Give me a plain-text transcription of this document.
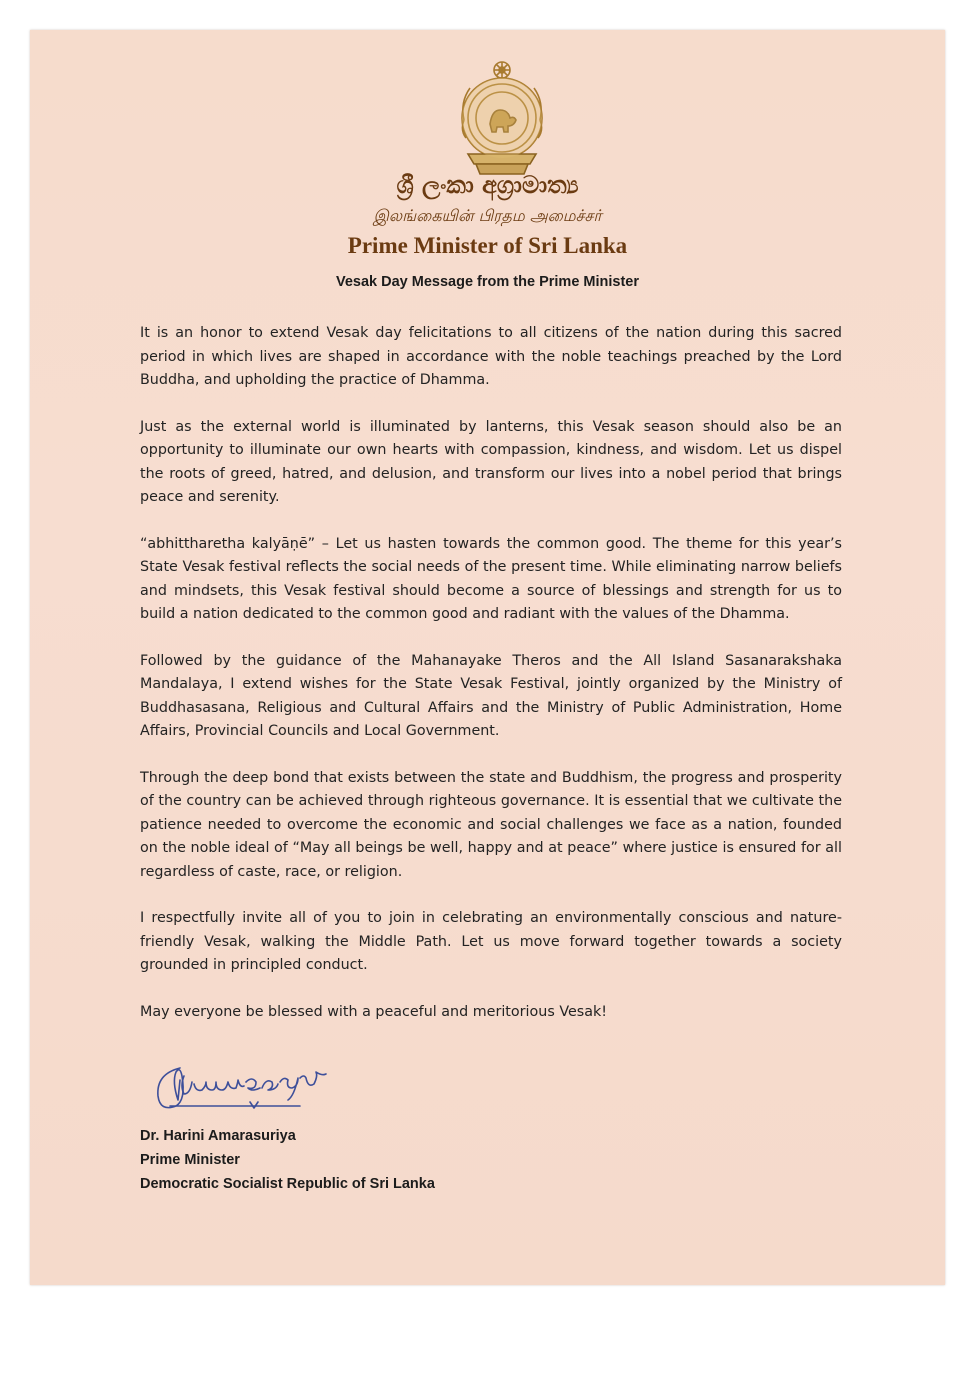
ශ්‍රී ලංකා අග්‍රාමාත්‍ය
இலங்கையின் பிரதம அமைச்சர்
Prime Minister of Sri Lanka
Vesak Day Message from the Prime Minister

It is an honor to extend Vesak day felicitations to all citizens of the nation during this sacred period in which lives are shaped in accordance with the noble teachings preached by the Lord Buddha, and upholding the practice of Dhamma.

Just as the external world is illuminated by lanterns, this Vesak season should also be an opportunity to illuminate our own hearts with compassion, kindness, and wisdom. Let us dispel the roots of greed, hatred, and delusion, and transform our lives into a nobel period that brings peace and serenity.

“abhittharetha kalyāṇē” – Let us hasten towards the common good. The theme for this year’s State Vesak festival reflects the social needs of the present time. While eliminating narrow beliefs and mindsets, this Vesak festival should become a source of blessings and strength for us to build a nation dedicated to the common good and radiant with the values of the Dhamma.

Followed by the guidance of the Mahanayake Theros and the All Island Sasanarakshaka Mandalaya, I extend wishes for the State Vesak Festival, jointly organized by the Ministry of Buddhasasana, Religious and Cultural Affairs and the Ministry of Public Administration, Home Affairs, Provincial Councils and Local Government.

Through the deep bond that exists between the state and Buddhism, the progress and prosperity of the country can be achieved through righteous governance. It is essential that we cultivate the patience needed to overcome the economic and social challenges we face as a nation, founded on the noble ideal of “May all beings be well, happy and at peace” where justice is ensured for all regardless of caste, race, or religion.

I respectfully invite all of you to join in celebrating an environmentally conscious and nature-friendly Vesak, walking the Middle Path. Let us move forward together towards a society grounded in principled conduct.

May everyone be blessed with a peaceful and meritorious Vesak!

Dr. Harini Amarasuriya
Prime Minister
Democratic Socialist Republic of Sri Lanka
